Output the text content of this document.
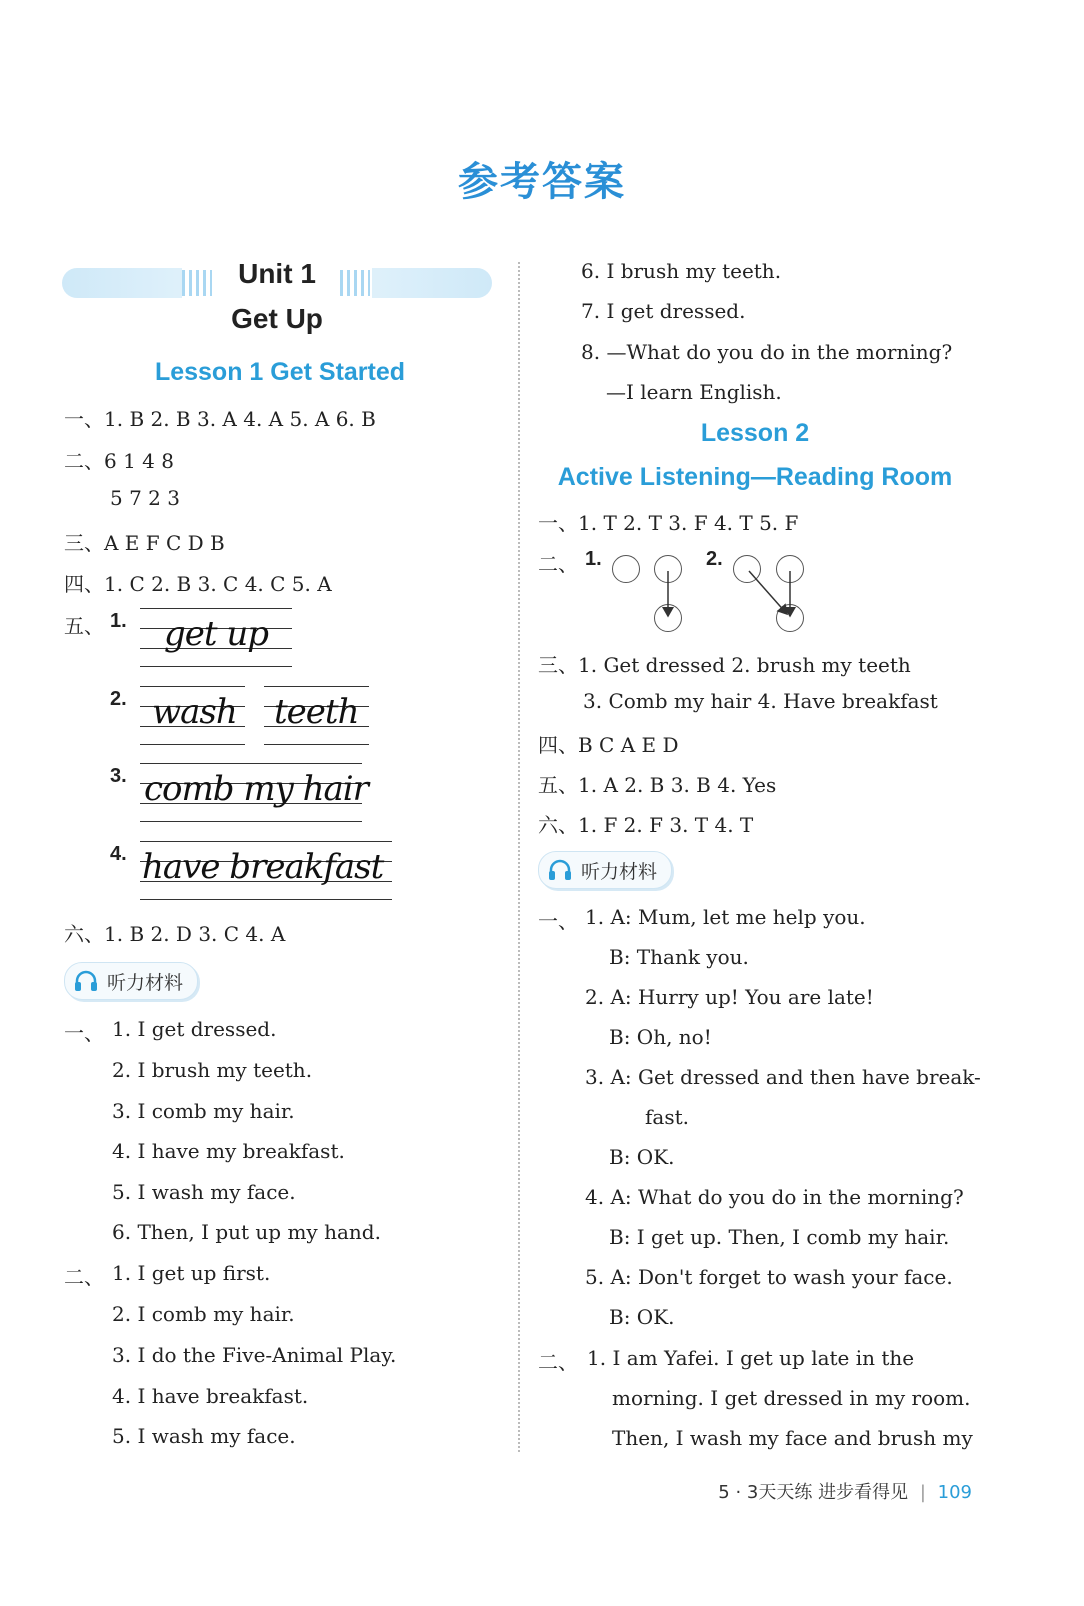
参考答案
Unit 1
Get Up
Lesson 1 Get Started
一、1. B 2. B 3. A 4. A 5. A 6. B
二、6 1 4 8
5 7 2 3
三、A E F C D B
四、1. C 2. B 3. C 4. C 5. A
五、 1. get up
2. wash teeth
3. comb my hair
4. have breakfast
六、1. B 2. D 3. C 4. A
听力材料
一、 1. I get dressed.
2. I brush my teeth.
3. I comb my hair.
4. I have my breakfast.
5. I wash my face.
6. Then, I put up my hand.
二、 1. I get up first.
2. I comb my hair.
3. I do the Five-Animal Play.
4. I have breakfast.
5. I wash my face.
6. I brush my teeth.
7. I get dressed.
8. —What do you do in the morning?
—I learn English.
Lesson 2
Active Listening—Reading Room
一、1. T 2. T 3. F 4. T 5. F
二、 1.	2.
三、1. Get dressed 2. brush my teeth
3. Comb my hair 4. Have breakfast
四、B C A E D
五、1. A 2. B 3. B 4. Yes
六、1. F 2. F 3. T 4. T
听力材料
一、 1. A: Mum, let me help you.
B: Thank you.
2. A: Hurry up! You are late!
B: Oh, no!
3. A: Get dressed and then have break-
fast.
B: OK.
4. A: What do you do in the morning?
B: I get up. Then, I comb my hair.
5. A: Don't forget to wash your face.
B: OK.
二、 1. I am Yafei. I get up late in the
morning. I get dressed in my room.
Then, I wash my face and brush my
5 · 3天天练 进步看得见 | 109
